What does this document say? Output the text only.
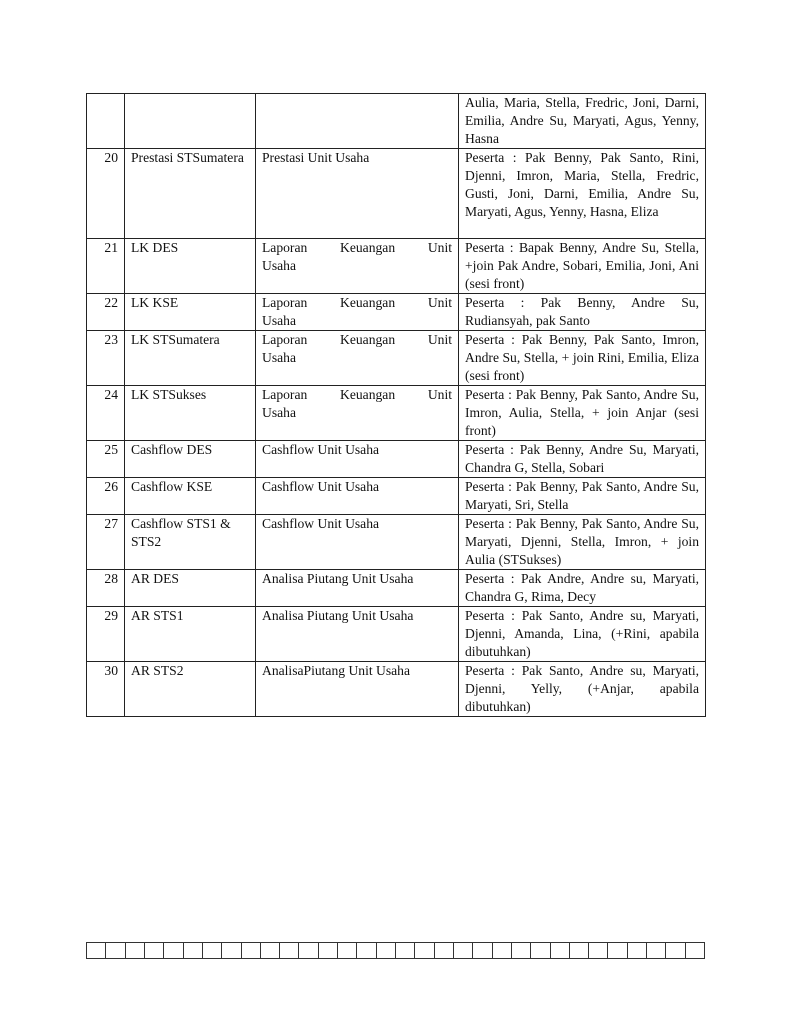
			Aulia, Maria, Stella, Fredric, Joni, Darni, Emilia, Andre Su, Maryati, Agus, Yenny, Hasna
20	Prestasi STSumatera	Prestasi Unit Usaha	Peserta : Pak Benny, Pak Santo, Rini, Djenni, Imron, Maria, Stella, Fredric, Gusti, Joni, Darni, Emilia, Andre Su, Maryati, Agus, Yenny, Hasna, Eliza
21	LK DES	Laporan Keuangan Unit
Usaha	Peserta : Bapak Benny, Andre Su, Stella, +join Pak Andre, Sobari, Emilia, Joni, Ani (sesi front)
22	LK KSE	Laporan Keuangan Unit
Usaha	Peserta : Pak Benny, Andre Su, Rudiansyah, pak Santo
23	LK STSumatera	Laporan Keuangan Unit
Usaha	Peserta : Pak Benny, Pak Santo, Imron, Andre Su, Stella, + join Rini, Emilia, Eliza (sesi front)
24	LK STSukses	Laporan Keuangan Unit
Usaha	Peserta : Pak Benny, Pak Santo, Andre Su, Imron, Aulia, Stella, + join Anjar (sesi front)
25	Cashflow DES	Cashflow Unit Usaha	Peserta : Pak Benny, Andre Su, Maryati, Chandra G, Stella, Sobari
26	Cashflow KSE	Cashflow Unit Usaha	Peserta : Pak Benny, Pak Santo, Andre Su, Maryati, Sri, Stella
27	Cashflow STS1 & STS2	Cashflow Unit Usaha	Peserta : Pak Benny, Pak Santo, Andre Su, Maryati, Djenni, Stella, Imron, + join Aulia (STSukses)
28	AR DES	Analisa Piutang Unit Usaha	Peserta : Pak Andre, Andre su, Maryati, Chandra G, Rima, Decy
29	AR STS1	Analisa Piutang Unit Usaha	Peserta : Pak Santo, Andre su, Maryati, Djenni, Amanda, Lina, (+Rini, apabila dibutuhkan)
30	AR STS2	AnalisaPiutang Unit Usaha	Peserta : Pak Santo, Andre su, Maryati, Djenni, Yelly, (+Anjar, apabila dibutuhkan)
